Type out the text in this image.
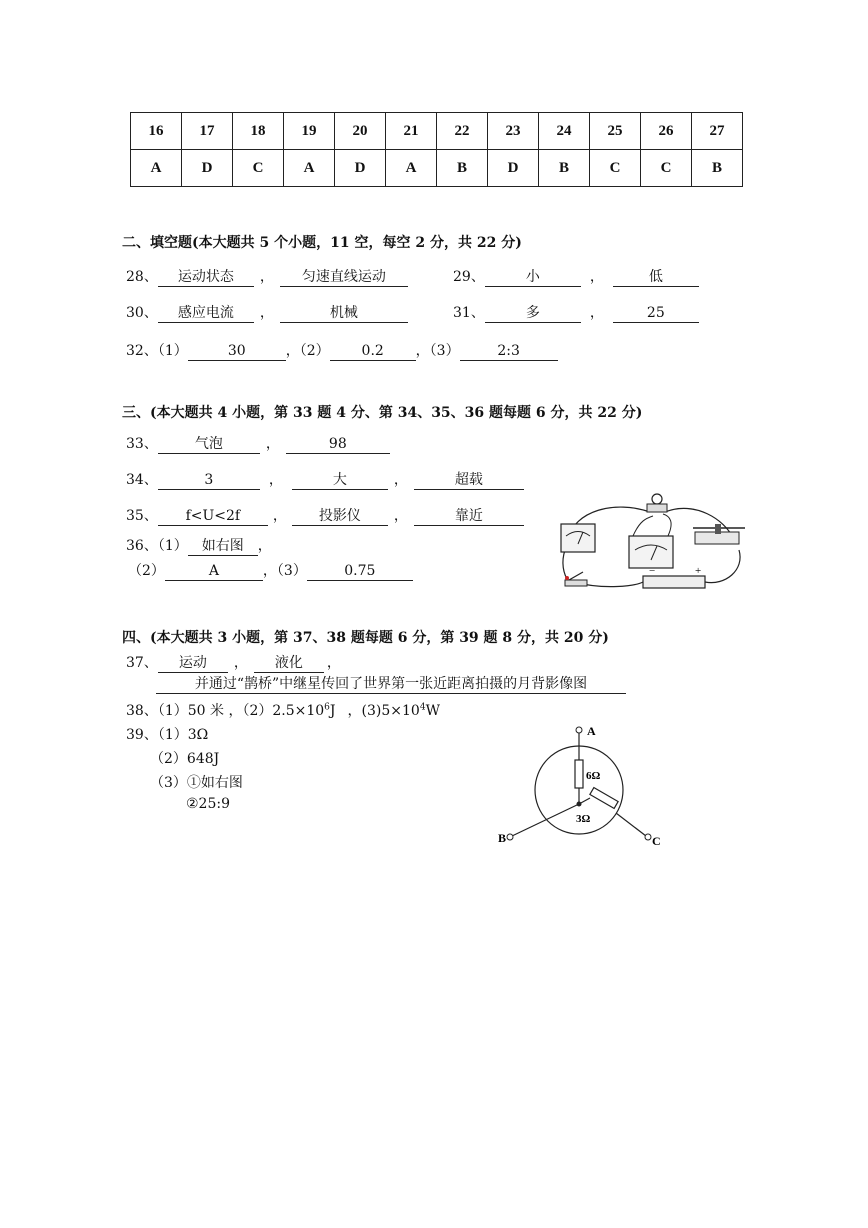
16	17	18	19	20	21	22	23	24	25	26	27
A	D	C	A	D	A	B	D	B	C	C	B
二、填空题(本大题共 5 个小题，11 空，每空 2 分，共 22 分)
28、 运动状态 ， 匀速直线运动	29、	小	，	低
30、 感应电流 ，	机械	31、	多	，	25
32、（1）	30	，（2） 0.2 ，（3）	2:3
三、(本大题共 4 小题，第 33 题 4 分、第 34、35、36 题每题 6 分，共 22 分)
33、	气泡	，	98
34、	3	，	大	，	超载
35、 f<U<2f ， 投影仪 ，	靠近
36、（1） 如右图 ，
（2）	A	，（3）	0.75	−	+
四、(本大题共 3 小题，第 37、38 题每题 6 分，第 39 题 8 分，共 20 分)
37、 运动 ， 液化 ，
并通过“鹊桥”中继星传回了世界第一张近距离拍摄的月背影像图
38、（1）50 米 ，$(2)2.5\times 10^6J$ ，$(3)5\times 10^4W$
39、（1）3Ω
（2）648J
（3）①如右图
②25:9
A
B	C
6Ω
3Ω
